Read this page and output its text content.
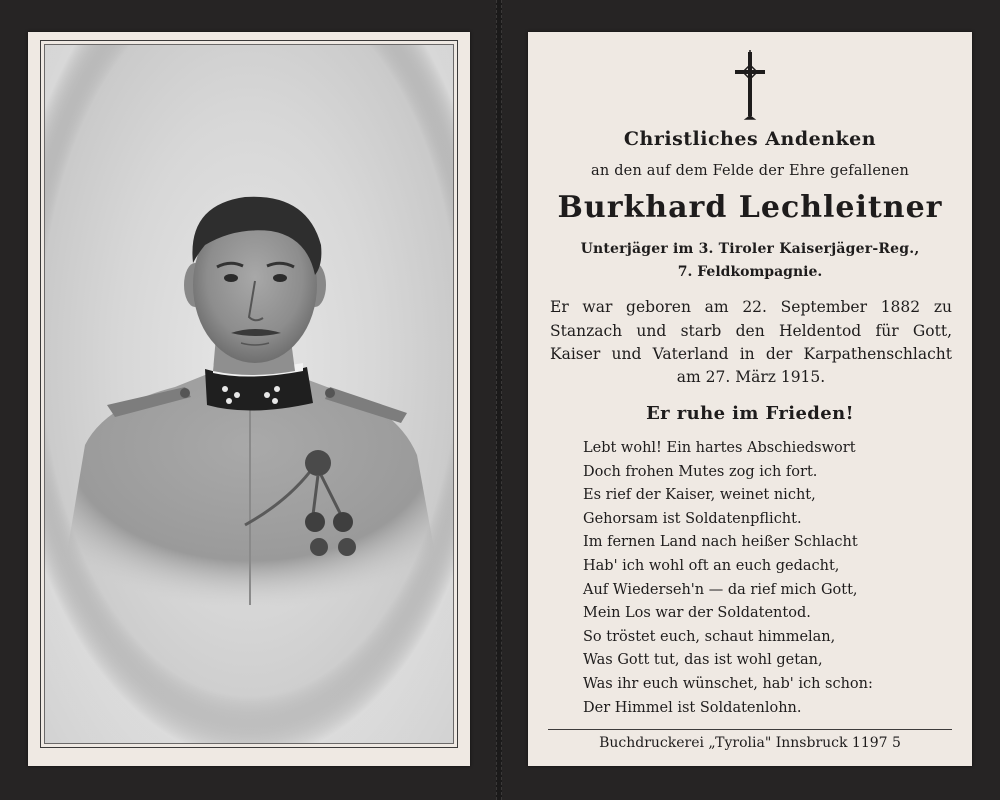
Christliches Andenken
an den auf dem Felde der Ehre gefallenen
Burkhard Lechleitner
Unterjäger im 3. Tiroler Kaiserjäger-Reg.,
7. Feldkompagnie.
Er war geboren am 22. September 1882 zu
Stanzach und starb den Heldentod für Gott,
Kaiser und Vaterland in der Karpathenschlacht
am 27. März 1915.
Er ruhe im Frieden!
Lebt wohl! Ein hartes Abschiedswort
Doch frohen Mutes zog ich fort.
Es rief der Kaiser, weinet nicht,
Gehorsam ist Soldatenpflicht.
Im fernen Land nach heißer Schlacht
Hab' ich wohl oft an euch gedacht,
Auf Wiederseh'n — da rief mich Gott,
Mein Los war der Soldatentod.
So tröstet euch, schaut himmelan,
Was Gott tut, das ist wohl getan,
Was ihr euch wünschet, hab' ich schon:
Der Himmel ist Soldatenlohn.
Buchdruckerei „Tyrolia" Innsbruck 1197 5
